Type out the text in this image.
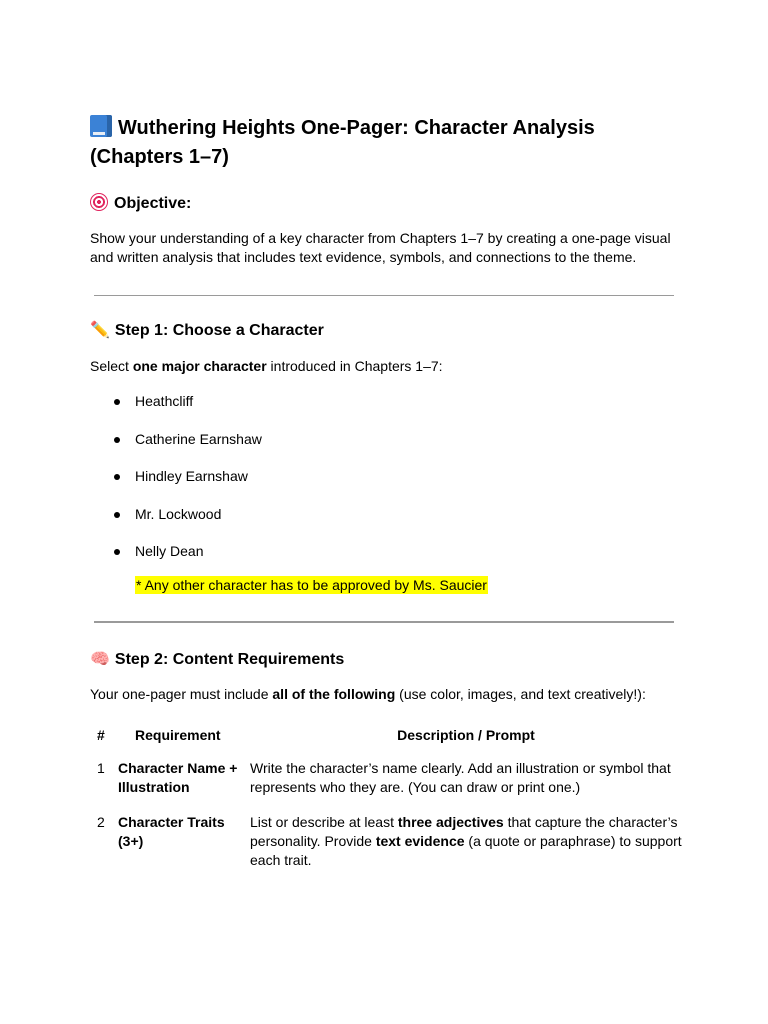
Wuthering Heights One-Pager: Character Analysis
(Chapters 1–7)
Objective:
Show your understanding of a key character from Chapters 1–7 by creating a one-page visual and written analysis that includes text evidence, symbols, and connections to the theme.
✏️ Step 1: Choose a Character
Select one major character introduced in Chapters 1–7:
Heathcliff
Catherine Earnshaw
Hindley Earnshaw
Mr. Lockwood
Nelly Dean
* Any other character has to be approved by Ms. Saucier
🧠 Step 2: Content Requirements
Your one-pager must include all of the following (use color, images, and text creatively!):
# Requirement	Description / Prompt
1 Character Name + Illustration
Write the character’s name clearly. Add an illustration or symbol that represents who they are. (You can draw or print one.)
2 Character Traits (3+)
List or describe at least three adjectives that capture the character’s personality. Provide text evidence (a quote or paraphrase) to support each trait.
